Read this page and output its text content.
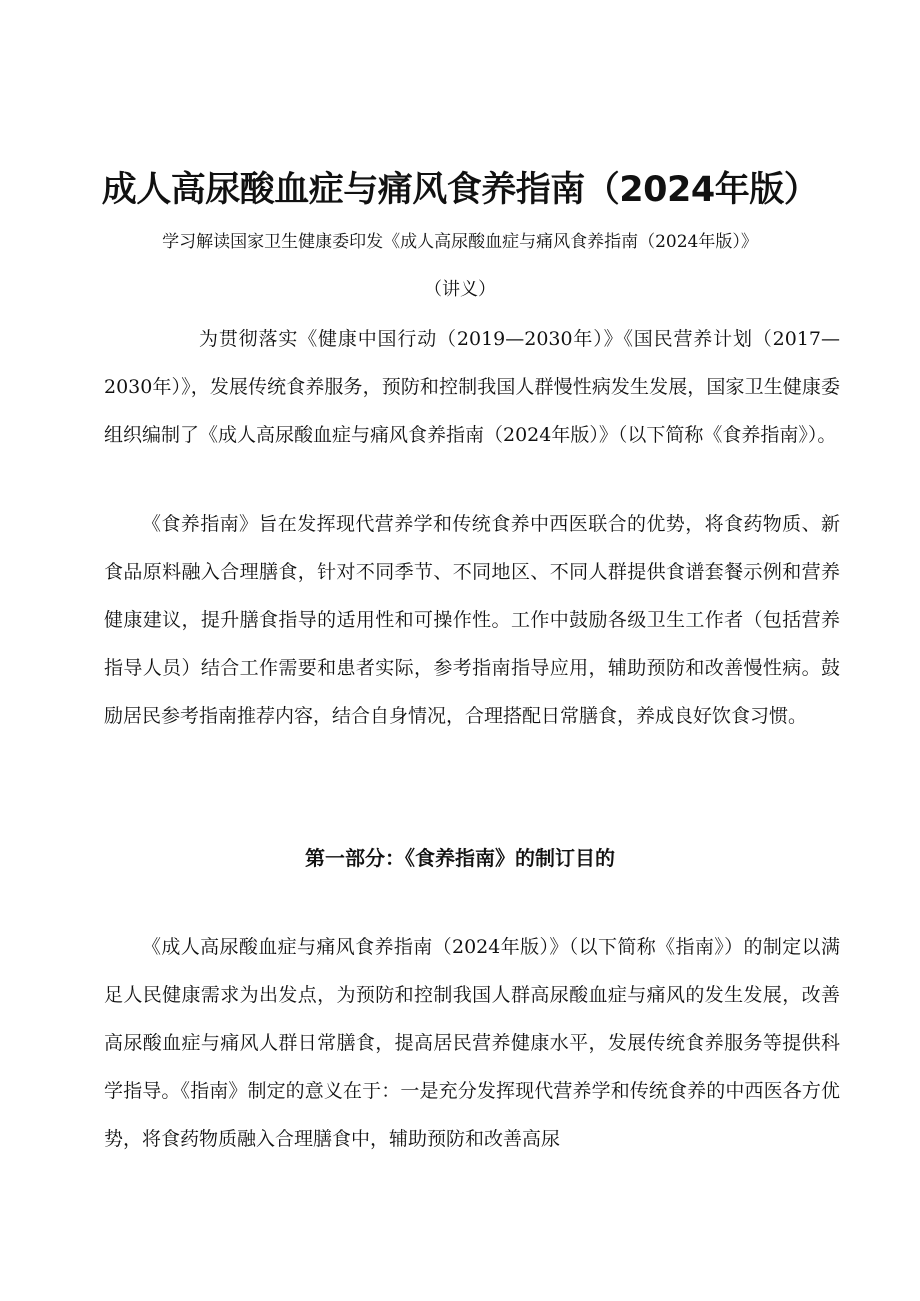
成人高尿酸血症与痛风食养指南（2024年版）

学习解读国家卫生健康委印发《成人高尿酸血症与痛风食养指南（2024年版）》

（讲义）

为贯彻落实《健康中国行动（2019—2030年）》《国民营养计划（2017—2030年）》，发展传统食养服务，预防和控制我国人群慢性病发生发展，国家卫生健康委组织编制了《成人高尿酸血症与痛风食养指南（2024年版）》（以下简称《食养指南》）。

《食养指南》旨在发挥现代营养学和传统食养中西医联合的优势，将食药物质、新食品原料融入合理膳食，针对不同季节、不同地区、不同人群提供食谱套餐示例和营养健康建议，提升膳食指导的适用性和可操作性。工作中鼓励各级卫生工作者（包括营养指导人员）结合工作需要和患者实际，参考指南指导应用，辅助预防和改善慢性病。鼓励居民参考指南推荐内容，结合自身情况，合理搭配日常膳食，养成良好饮食习惯。

第一部分：《食养指南》的制订目的

《成人高尿酸血症与痛风食养指南（2024年版）》（以下简称《指南》）的制定以满足人民健康需求为出发点，为预防和控制我国人群高尿酸血症与痛风的发生发展，改善高尿酸血症与痛风人群日常膳食，提高居民营养健康水平，发展传统食养服务等提供科学指导。《指南》制定的意义在于：一是充分发挥现代营养学和传统食养的中西医各方优势，将食药物质融入合理膳食中，辅助预防和改善高尿
